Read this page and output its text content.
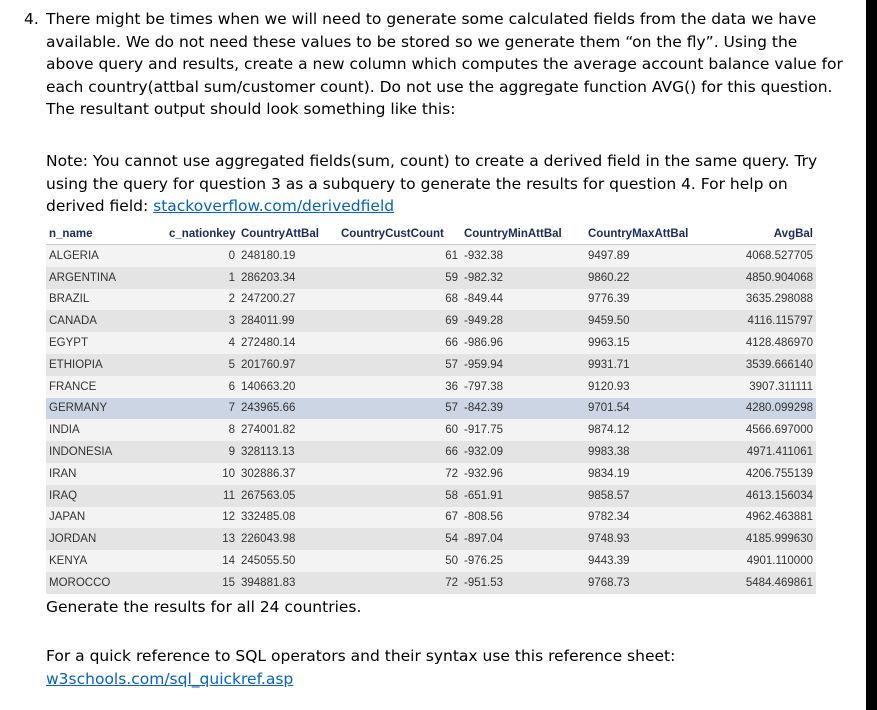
4. There might be times when we will need to generate some calculated fields from the data we have available. We do not need these values to be stored so we generate them “on the fly”. Using the above query and results, create a new column which computes the average account balance value for each country(attbal sum/customer count). Do not use the aggregate function AVG() for this question. The resultant output should look something like this:

Note: You cannot use aggregated fields(sum, count) to create a derived field in the same query. Try using the query for question 3 as a subquery to generate the results for question 4. For help on derived field: stackoverflow.com/derivedfield

n_name	c_nationkey	CountryAttBal	CountryCustCount	CountryMinAttBal	CountryMaxAttBal	AvgBal
ALGERIA	0	248180.19	61	-932.38	9497.89	4068.527705
ARGENTINA	1	286203.34	59	-982.32	9860.22	4850.904068
BRAZIL	2	247200.27	68	-849.44	9776.39	3635.298088
CANADA	3	284011.99	69	-949.28	9459.50	4116.115797
EGYPT	4	272480.14	66	-986.96	9963.15	4128.486970
ETHIOPIA	5	201760.97	57	-959.94	9931.71	3539.666140
FRANCE	6	140663.20	36	-797.38	9120.93	3907.311111
GERMANY	7	243965.66	57	-842.39	9701.54	4280.099298
INDIA	8	274001.82	60	-917.75	9874.12	4566.697000
INDONESIA	9	328113.13	66	-932.09	9983.38	4971.411061
IRAN	10	302886.37	72	-932.96	9834.19	4206.755139
IRAQ	11	267563.05	58	-651.91	9858.57	4613.156034
JAPAN	12	332485.08	67	-808.56	9782.34	4962.463881
JORDAN	13	226043.98	54	-897.04	9748.93	4185.999630
KENYA	14	245055.50	50	-976.25	9443.39	4901.110000
MOROCCO	15	394881.83	72	-951.53	9768.73	5484.469861

Generate the results for all 24 countries.

For a quick reference to SQL operators and their syntax use this reference sheet:
w3schools.com/sql_quickref.asp
